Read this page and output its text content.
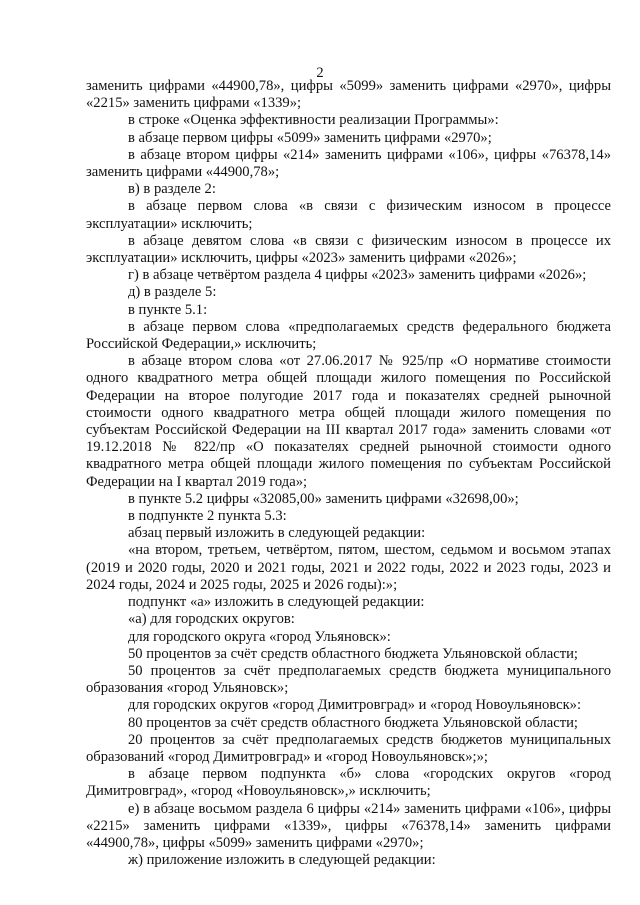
2

заменить цифрами «44900,78», цифры «5099» заменить цифрами «2970», цифры «2215» заменить цифрами «1339»;

в строке «Оценка эффективности реализации Программы»:

в абзаце первом цифры «5099» заменить цифрами «2970»;

в абзаце втором цифры «214» заменить цифрами «106», цифры «76378,14» заменить цифрами «44900,78»;

в) в разделе 2:

в абзаце первом слова «в связи с физическим износом в процессе эксплуатации» исключить;

в абзаце девятом слова «в связи с физическим износом в процессе их эксплуатации» исключить, цифры «2023» заменить цифрами «2026»;

г) в абзаце четвёртом раздела 4 цифры «2023» заменить цифрами «2026»;

д) в разделе 5:

в пункте 5.1:

в абзаце первом слова «предполагаемых средств федерального бюджета Российской Федерации,» исключить;

в абзаце втором слова «от 27.06.2017 № 925/пр «О нормативе стоимости одного квадратного метра общей площади жилого помещения по Российской Федерации на второе полугодие 2017 года и показателях средней рыночной стоимости одного квадратного метра общей площади жилого помещения по субъектам Российской Федерации на III квартал 2017 года» заменить словами «от 19.12.2018 № 822/пр «О показателях средней рыночной стоимости одного квадратного метра общей площади жилого помещения по субъектам Российской Федерации на I квартал 2019 года»;

в пункте 5.2 цифры «32085,00» заменить цифрами «32698,00»;

в подпункте 2 пункта 5.3:

абзац первый изложить в следующей редакции:

«на втором, третьем, четвёртом, пятом, шестом, седьмом и восьмом этапах (2019 и 2020 годы, 2020 и 2021 годы, 2021 и 2022 годы, 2022 и 2023 годы, 2023 и 2024 годы, 2024 и 2025 годы, 2025 и 2026 годы):»;

подпункт «а» изложить в следующей редакции:

«а) для городских округов:

для городского округа «город Ульяновск»:

50 процентов за счёт средств областного бюджета Ульяновской области;

50 процентов за счёт предполагаемых средств бюджета муниципального образования «город Ульяновск»;

для городских округов «город Димитровград» и «город Новоульяновск»:

80 процентов за счёт средств областного бюджета Ульяновской области;

20 процентов за счёт предполагаемых средств бюджетов муниципальных образований «город Димитровград» и «город Новоульяновск»;»;

в абзаце первом подпункта «б» слова «городских округов «город Димитровград», «город «Новоульяновск»,» исключить;

е) в абзаце восьмом раздела 6 цифры «214» заменить цифрами «106», цифры «2215» заменить цифрами «1339», цифры «76378,14» заменить цифрами «44900,78», цифры «5099» заменить цифрами «2970»;

ж) приложение изложить в следующей редакции:
